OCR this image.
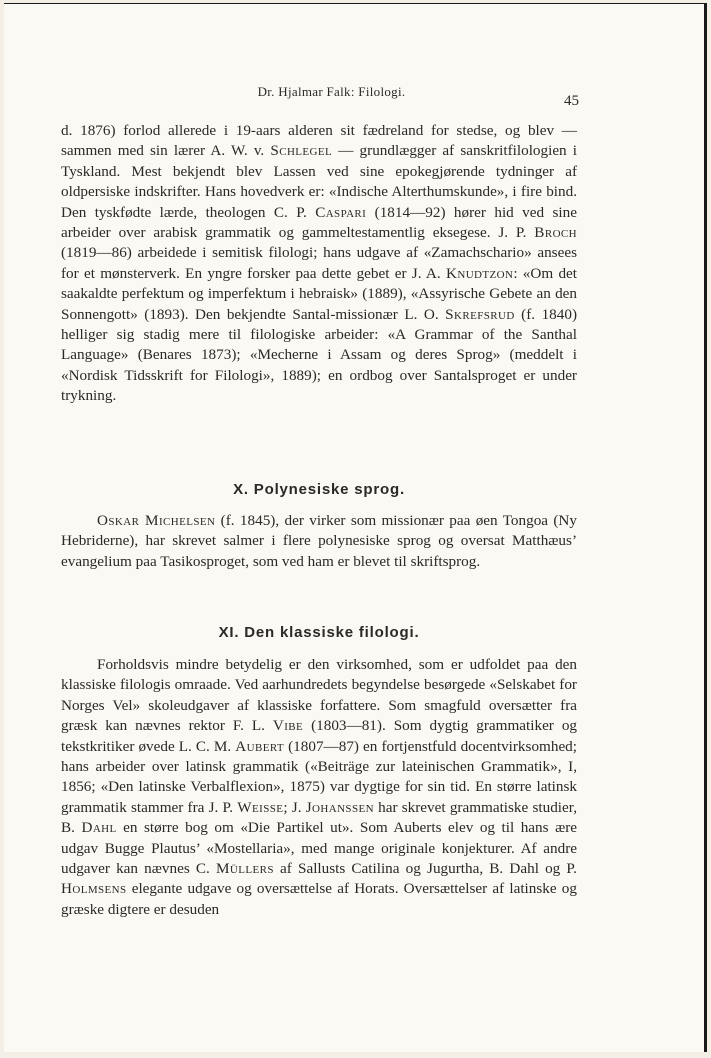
Dr. Hjalmar Falk: Filologi.
45

d. 1876) forlod allerede i 19-aars alderen sit fædreland for stedse, og blev — sammen med sin lærer A. W. v. Schlegel — grundlægger af sanskritfilologien i Tyskland. Mest bekjendt blev Lassen ved sine epokegjørende tydninger af oldpersiske indskrifter. Hans hovedverk er: «Indische Alterthumskunde», i fire bind. Den tyskfødte lærde, theologen C. P. Caspari (1814—92) hører hid ved sine arbeider over arabisk grammatik og gammeltestamentlig eksegese. J. P. Broch (1819—86) arbeidede i semitisk filologi; hans udgave af «Zamachschario» ansees for et mønsterverk. En yngre forsker paa dette gebet er J. A. Knudtzon: «Om det saakaldte perfektum og imperfektum i hebraisk» (1889), «Assyrische Gebete an den Sonnengott» (1893). Den bekjendte Santal-missionær L. O. Skrefsrud (f. 1840) helliger sig stadig mere til filologiske arbeider: «A Grammar of the Santhal Language» (Benares 1873); «Mecherne i Assam og deres Sprog» (meddelt i «Nordisk Tidsskrift for Filologi», 1889); en ordbog over Santalsproget er under trykning.

X. Polynesiske sprog.

Oskar Michelsen (f. 1845), der virker som missionær paa øen Tongoa (Ny Hebriderne), har skrevet salmer i flere polynesiske sprog og oversat Matthæus’ evangelium paa Tasikosproget, som ved ham er blevet til skriftsprog.

XI. Den klassiske filologi.

Forholdsvis mindre betydelig er den virksomhed, som er udfoldet paa den klassiske filologis omraade. Ved aarhundredets begyndelse besørgede «Selskabet for Norges Vel» skoleudgaver af klassiske forfattere. Som smagfuld oversætter fra græsk kan nævnes rektor F. L. Vibe (1803—81). Som dygtig grammatiker og tekstkritiker øvede L. C. M. Aubert (1807—87) en fortjenstfuld docentvirksomhed; hans arbeider over latinsk grammatik («Beiträge zur lateinischen Grammatik», I, 1856; «Den latinske Verbalflexion», 1875) var dygtige for sin tid. En større latinsk grammatik stammer fra J. P. Weisse; J. Johanssen har skrevet grammatiske studier, B. Dahl en større bog om «Die Partikel ut». Som Auberts elev og til hans ære udgav Bugge Plautus’ «Mostellaria», med mange originale konjekturer. Af andre udgaver kan nævnes C. Müllers af Sallusts Catilina og Jugurtha, B. Dahl og P. Holmsens elegante udgave og oversættelse af Horats. Oversættelser af latinske og græske digtere er desuden
